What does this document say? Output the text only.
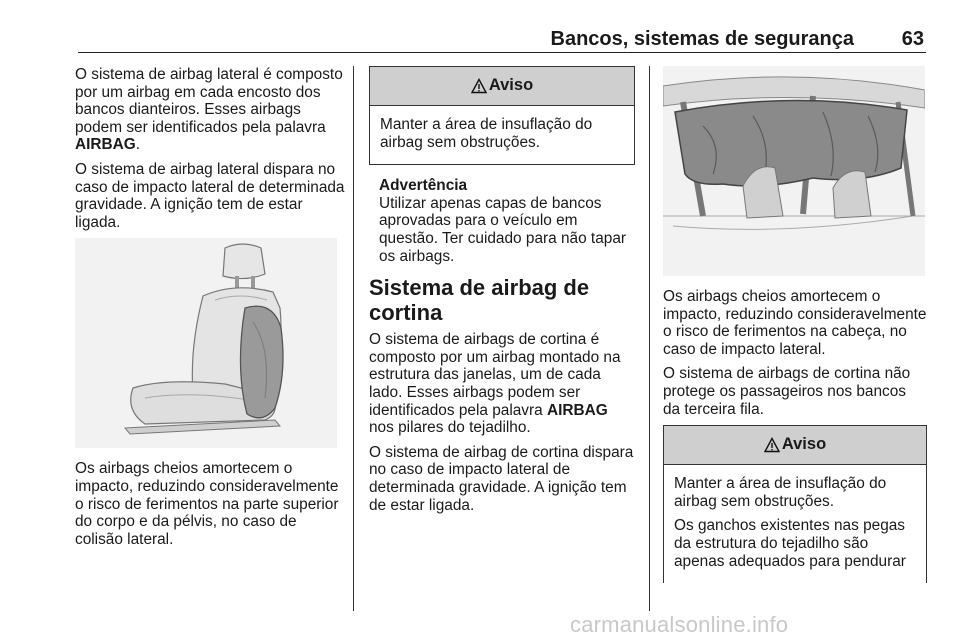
Bancos, sistemas de segurança 63

O sistema de airbag lateral é composto por um airbag em cada encosto dos bancos dianteiros. Esses airbags podem ser identificados pela palavra AIRBAG.

O sistema de airbag lateral dispara no caso de impacto lateral de determinada gravidade. A ignição tem de estar ligada.

Os airbags cheios amortecem o impacto, reduzindo consideravelmente o risco de ferimentos na parte superior do corpo e da pélvis, no caso de colisão lateral.

Aviso

Manter a área de insuflação do airbag sem obstruções.

Advertência
Utilizar apenas capas de bancos aprovadas para o veículo em questão. Ter cuidado para não tapar os airbags.
Sistema de airbag de cortina

O sistema de airbags de cortina é composto por um airbag montado na estrutura das janelas, um de cada lado. Esses airbags podem ser identificados pela palavra AIRBAG nos pilares do tejadilho.

O sistema de airbag de cortina dispara no caso de impacto lateral de determinada gravidade. A ignição tem de estar ligada.

Os airbags cheios amortecem o impacto, reduzindo consideravelmente o risco de ferimentos na cabeça, no caso de impacto lateral.

O sistema de airbags de cortina não protege os passageiros nos bancos da terceira fila.

Aviso

Manter a área de insuflação do airbag sem obstruções.

Os ganchos existentes nas pegas da estrutura do tejadilho são apenas adequados para pendurar

carmanualsonline.info
